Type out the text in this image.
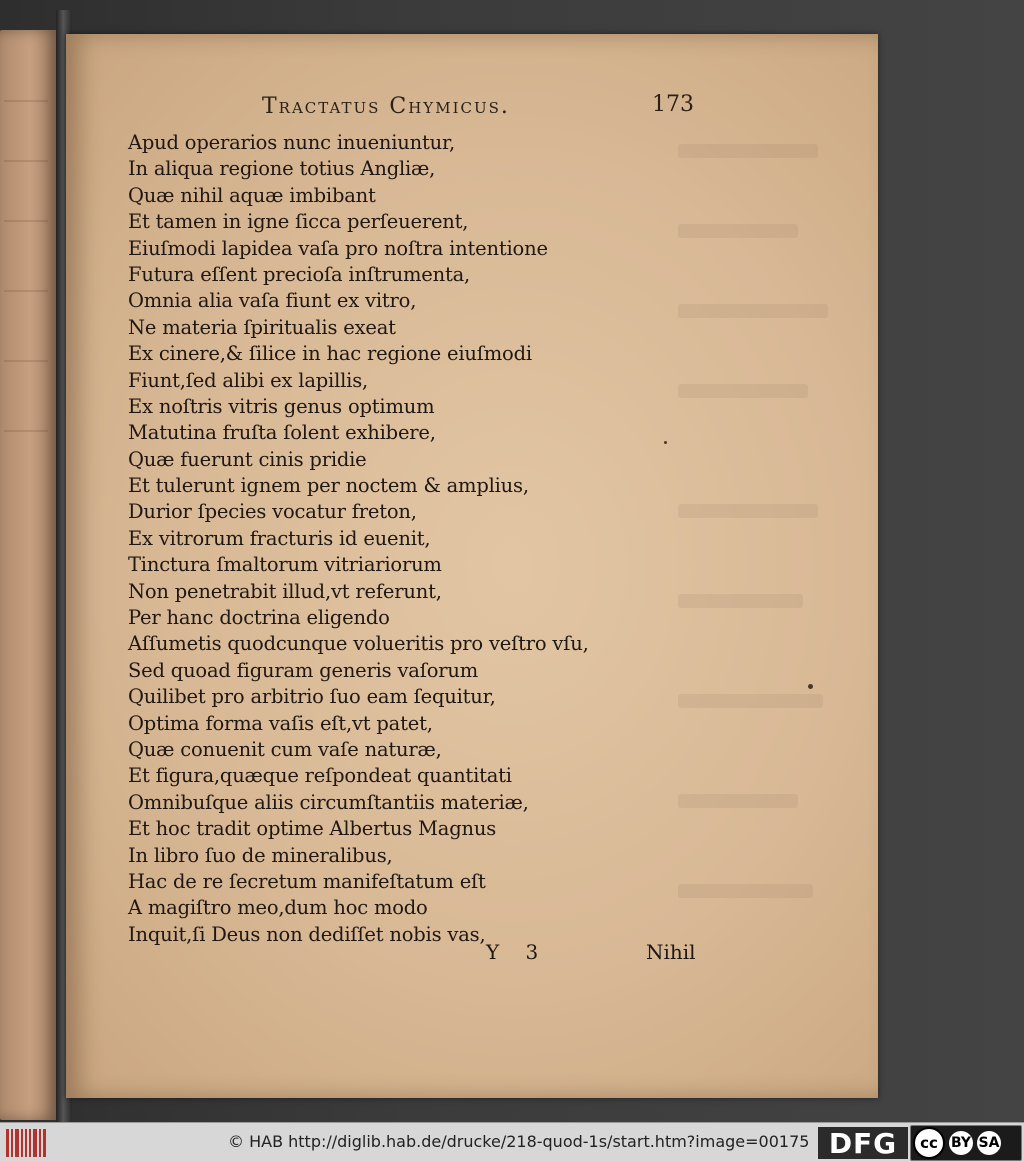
Tractatus Chymicus.	173
Apud operarios nunc inueniuntur,
In aliqua regione totius Angliæ,
Quæ nihil aquæ imbibant
Et tamen in igne ſicca perſeuerent,
Eiuſmodi lapidea vaſa pro noſtra intentione
Futura eſſent precioſa inſtrumenta,
Omnia alia vaſa fiunt ex vitro,
Ne materia ſpiritualis exeat
Ex cinere,& ſilice in hac regione eiuſmodi
Fiunt,ſed alibi ex lapillis,
Ex noſtris vitris genus optimum
Matutina fruſta ſolent exhibere,
Quæ fuerunt cinis pridie
Et tulerunt ignem per noctem & amplius,
Durior ſpecies vocatur freton,
Ex vitrorum fracturis id euenit,
Tinctura ſmaltorum vitriariorum
Non penetrabit illud,vt referunt,
Per hanc doctrina eligendo
Aſſumetis quodcunque volueritis pro veſtro vſu,
Sed quoad figuram generis vaſorum
Quilibet pro arbitrio ſuo eam ſequitur,
Optima forma vaſis eſt,vt patet,
Quæ conuenit cum vaſe naturæ,
Et figura,quæque reſpondeat quantitati
Omnibuſque aliis circumſtantiis materiæ,
Et hoc tradit optime Albertus Magnus
In libro ſuo de mineralibus,
Hac de re ſecretum manifeſtatum eſt
A magiſtro meo,dum hoc modo
Inquit,ſi Deus non dediſſet nobis vas,
Y 3	Nihil
© HAB http://diglib.hab.de/drucke/218-quod-1s/start.htm?image=00175 DFG	cc BY SA
